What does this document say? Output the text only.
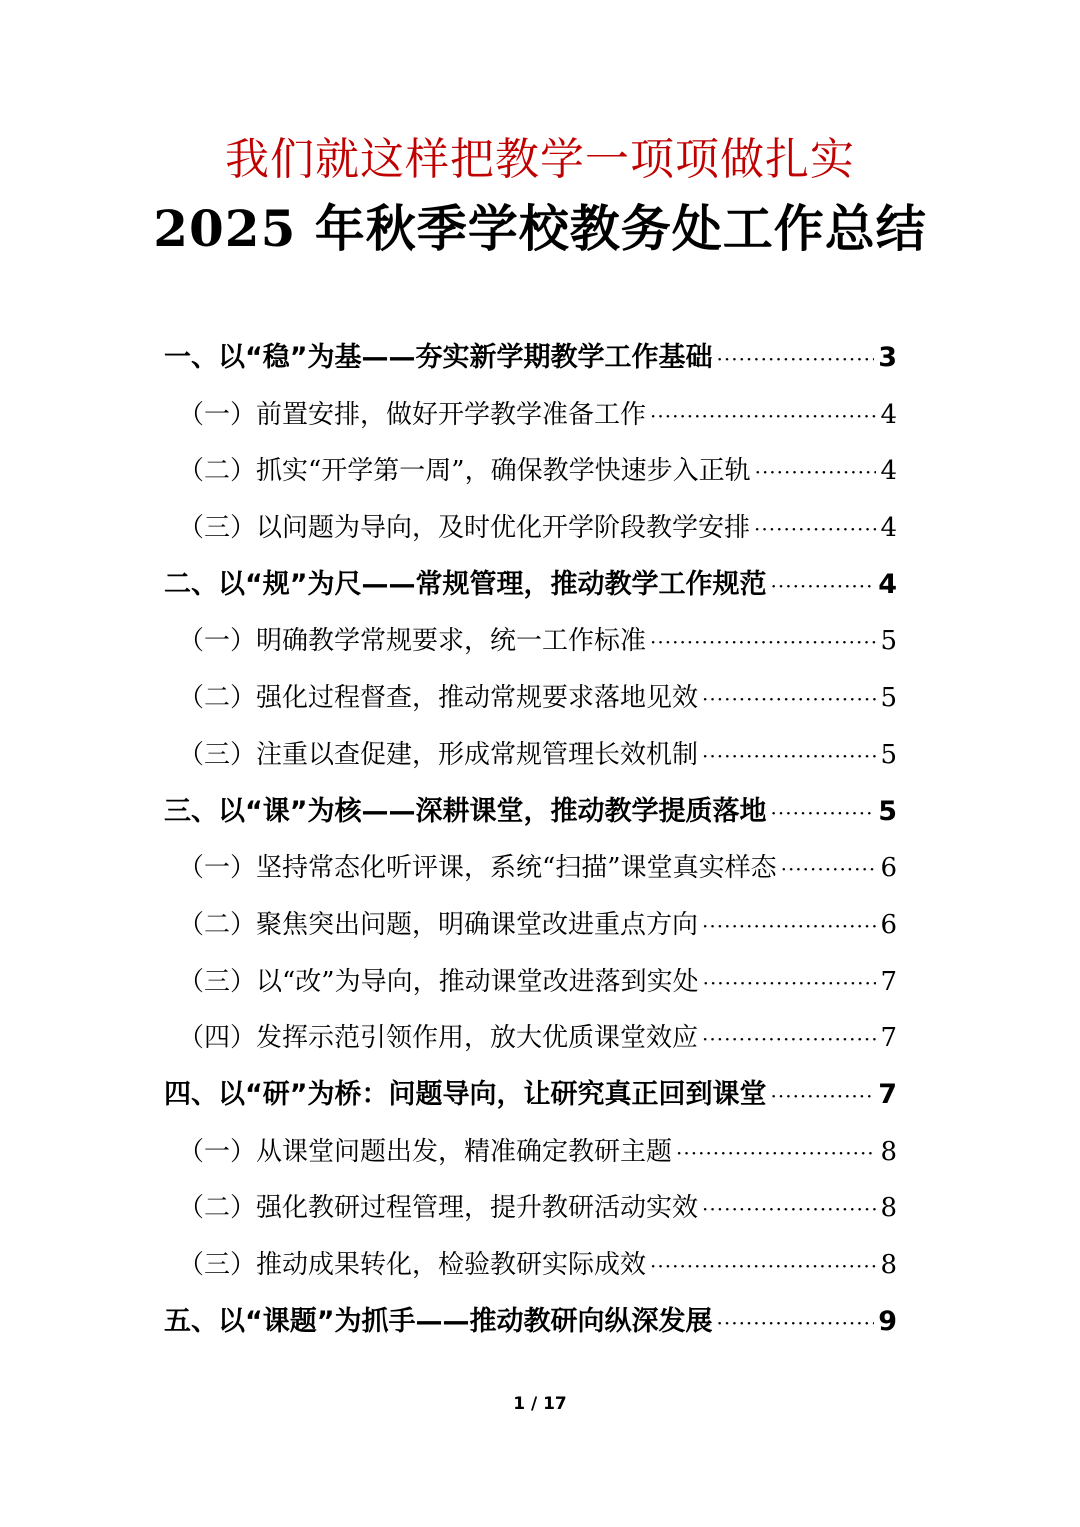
我们就这样把教学一项项做扎实
2025 年秋季学校教务处工作总结
一、以“稳”为基——夯实新学期教学工作基础 ·····	3
（一）前置安排，做好开学教学准备工作 ·····	4
（二）抓实“开学第一周”，确保教学快速步入正轨 ·····	4
（三）以问题为导向，及时优化开学阶段教学安排 ·····	4
二、以“规”为尺——常规管理，推动教学工作规范 ·····	4
（一）明确教学常规要求，统一工作标准 ·····	5
（二）强化过程督查，推动常规要求落地见效 ·····	5
（三）注重以查促建，形成常规管理长效机制 ·····	5
三、以“课”为核——深耕课堂，推动教学提质落地 ·····	5
（一）坚持常态化听评课，系统“扫描”课堂真实样态 ·····	6
（二）聚焦突出问题，明确课堂改进重点方向 ·····	6
（三）以“改”为导向，推动课堂改进落到实处 ·····	7
（四）发挥示范引领作用，放大优质课堂效应 ·····	7
四、以“研”为桥：问题导向，让研究真正回到课堂 ·····	7
（一）从课堂问题出发，精准确定教研主题 ·····	8
（二）强化教研过程管理，提升教研活动实效 ·····	8
（三）推动成果转化，检验教研实际成效 ·····	8
五、以“课题”为抓手——推动教研向纵深发展 ·····	9
1 / 17
